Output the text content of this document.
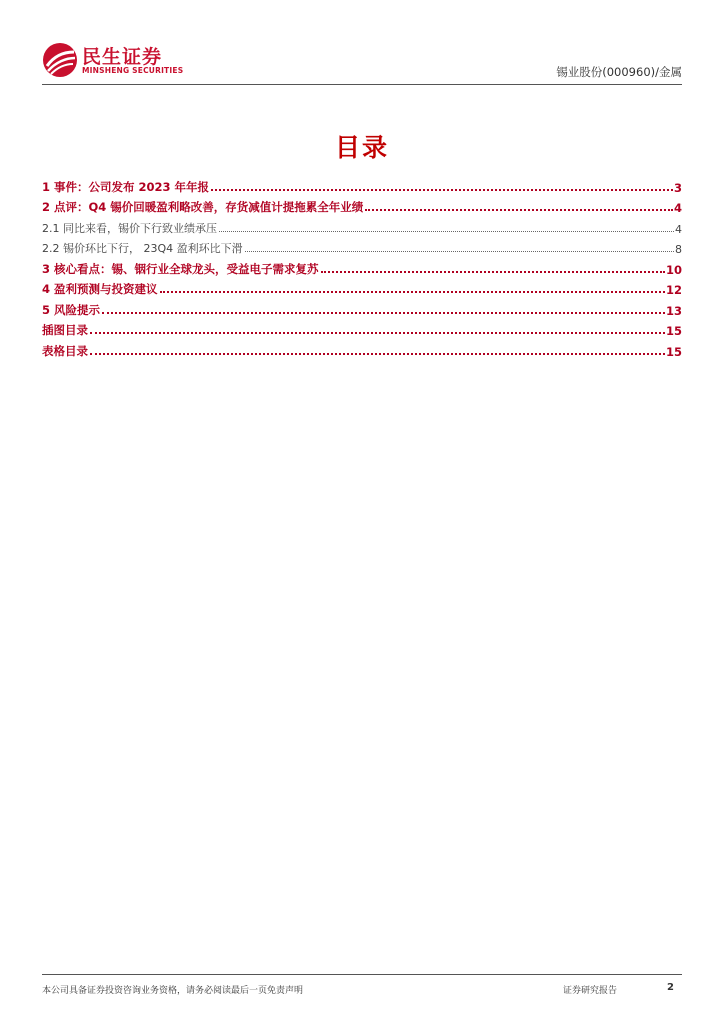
民生证券
MINSHENG SECURITIES	锡业股份(000960)/金属
目录
1 事件：公司发布 2023 年年报	3
2 点评：Q4 锡价回暖盈利略改善，存货减值计提拖累全年业绩	4
2.1 同比来看，锡价下行致业绩承压	4
2.2 锡价环比下行， 23Q4 盈利环比下滑	8
3 核心看点：锡、铟行业全球龙头，受益电子需求复苏	10
4 盈利预测与投资建议	12
5 风险提示	13
插图目录	15
表格目录	15
本公司具备证券投资咨询业务资格，请务必阅读最后一页免责声明	证券研究报告	2
